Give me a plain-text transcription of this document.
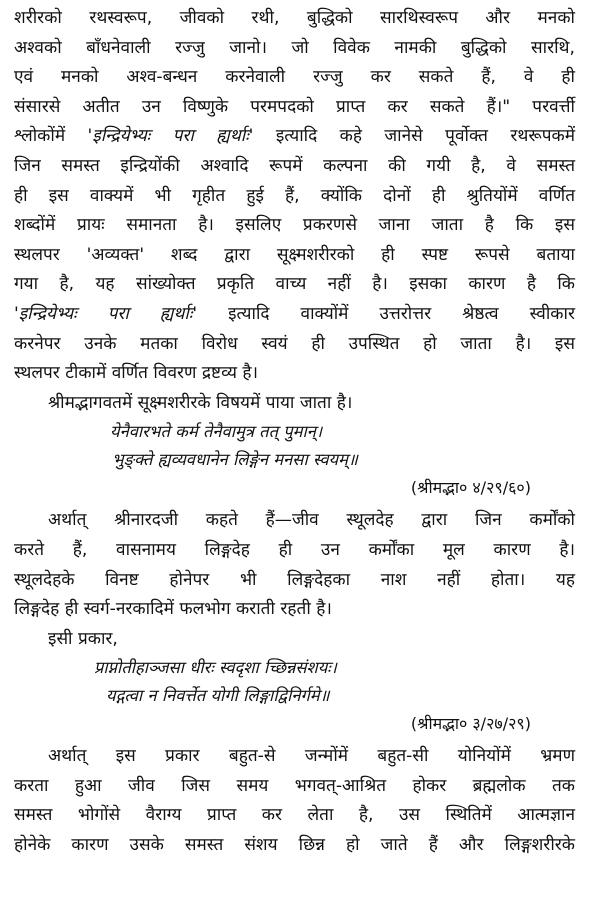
शरीरको रथस्वरूप, जीवको रथी, बुद्धिको सारथिस्वरूप और मनको
अश्वको बाँधनेवाली रज्जु जानो। जो विवेक नामकी बुद्धिको सारथि,
एवं मनको अश्व-बन्धन करनेवाली रज्जु कर सकते हैं, वे ही
संसारसे अतीत उन विष्णुके परमपदको प्राप्त कर सकते हैं।" परवर्त्ती
श्लोकोंमें 'इन्द्रियेभ्यः परा ह्यर्थाः' इत्यादि कहे जानेसे पूर्वोक्त रथरूपकमें
जिन समस्त इन्द्रियोंकी अश्वादि रूपमें कल्पना की गयी है, वे समस्त
ही इस वाक्यमें भी गृहीत हुई हैं, क्योंकि दोनों ही श्रुतियोंमें वर्णित
शब्दोंमें प्रायः समानता है। इसलिए प्रकरणसे जाना जाता है कि इस
स्थलपर 'अव्यक्त' शब्द द्वारा सूक्ष्मशरीरको ही स्पष्ट रूपसे बताया
गया है, यह सांख्योक्त प्रकृति वाच्य नहीं है। इसका कारण है कि
'इन्द्रियेभ्यः परा ह्यर्थाः' इत्यादि वाक्योंमें उत्तरोत्तर श्रेष्ठत्व स्वीकार
करनेपर उनके मतका विरोध स्वयं ही उपस्थित हो जाता है। इस
स्थलपर टीकामें वर्णित विवरण द्रष्टव्य है।

श्रीमद्भागवतमें सूक्ष्मशरीरके विषयमें पाया जाता है।

येनैवारभते कर्म तेनैवामुत्र तत् पुमान्।
भुङ्क्ते ह्यव्यवधानेन लिङ्गेन मनसा स्वयम्॥

(श्रीमद्भा० ४/२९/६०)

अर्थात् श्रीनारदजी कहते हैं—जीव स्थूलदेह द्वारा जिन कर्मोंको
करते हैं, वासनामय लिङ्गदेह ही उन कर्मोंका मूल कारण है।
स्थूलदेहके विनष्ट होनेपर भी लिङ्गदेहका नाश नहीं होता। यह
लिङ्गदेह ही स्वर्ग-नरकादिमें फलभोग कराती रहती है।

इसी प्रकार,

प्राप्नोतीहाञ्जसा धीरः स्वदृशा च्छिन्नसंशयः।
यद्गत्वा न निवर्त्तेत योगी लिङ्गाद्विनिर्गमे॥

(श्रीमद्भा० ३/२७/२९)

अर्थात् इस प्रकार बहुत-से जन्मोंमें बहुत-सी योनियोंमें भ्रमण
करता हुआ जीव जिस समय भगवत्-आश्रित होकर ब्रह्मलोक तक
समस्त भोगोंसे वैराग्य प्राप्त कर लेता है, उस स्थितिमें आत्मज्ञान
होनेके कारण उसके समस्त संशय छिन्न हो जाते हैं और लिङ्गशरीरके
